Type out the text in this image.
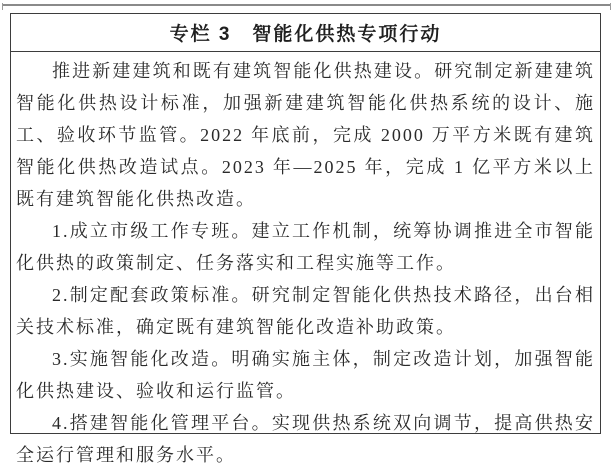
专栏 3　智能化供热专项行动

推进新建建筑和既有建筑智能化供热建设。研究制定新建建筑智能化供热设计标准，加强新建建筑智能化供热系统的设计、施工、验收环节监管。2022 年底前，完成 2000 万平方米既有建筑智能化供热改造试点。2023 年—2025 年，完成 1 亿平方米以上既有建筑智能化供热改造。

1.成立市级工作专班。建立工作机制，统筹协调推进全市智能化供热的政策制定、任务落实和工程实施等工作。

2.制定配套政策标准。研究制定智能化供热技术路径，出台相关技术标准，确定既有建筑智能化改造补助政策。

3.实施智能化改造。明确实施主体，制定改造计划，加强智能化供热建设、验收和运行监管。

4.搭建智能化管理平台。实现供热系统双向调节，提高供热安全运行管理和服务水平。
